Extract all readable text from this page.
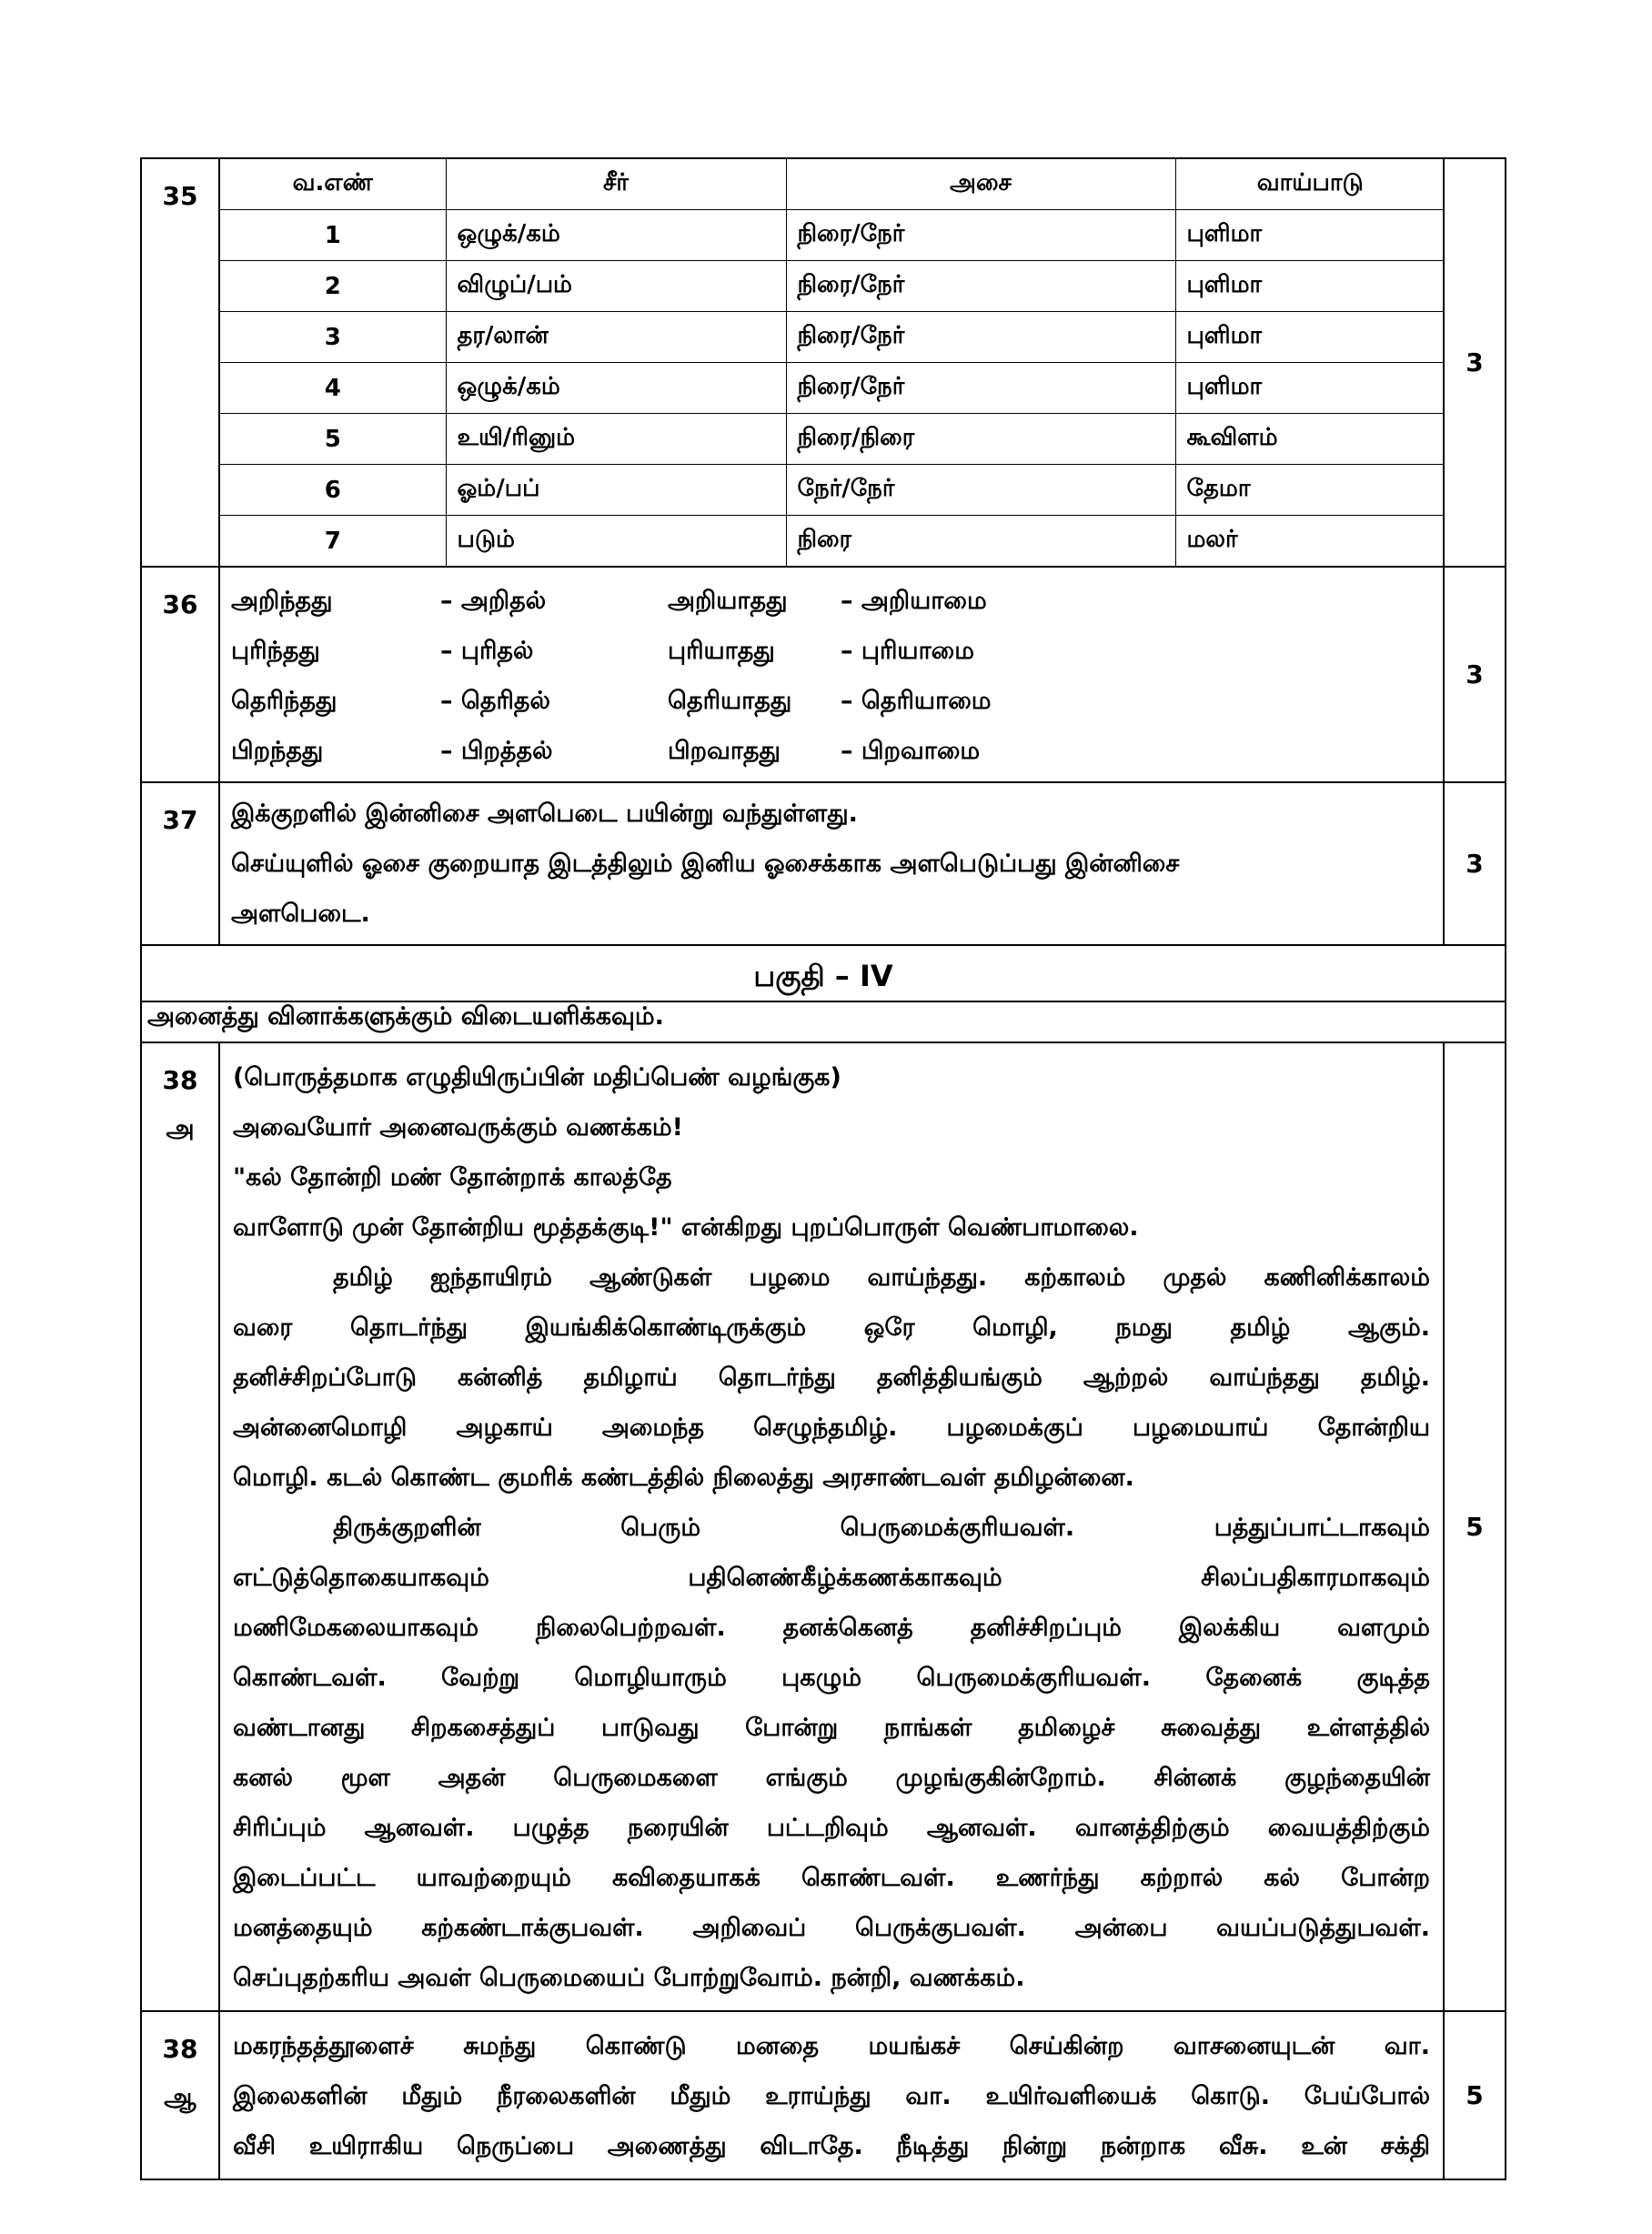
35		வ.எண்	சீர்	அசை	வாய்பாடு
1	ஒழுக்/கம்	நிரை/நேர்	புளிமா
2	விழுப்/பம்	நிரை/நேர்	புளிமா
3	தர/லான்	நிரை/நேர்	புளிமா
4	ஒழுக்/கம்	நிரை/நேர்	புளிமா
5	உயி/ரினும்	நிரை/நிரை	கூவிளம்
6	ஓம்/பப்	நேர்/நேர்	தேமா
7	படும்	நிரை	மலர்
	3
36	அறிந்தது	– அறிதல்	அறியாதது	– அறியாமை
புரிந்தது	– புரிதல்	புரியாதது	– புரியாமை
தெரிந்தது	– தெரிதல்	தெரியாதது	– தெரியாமை
பிறந்தது	– பிறத்தல்	பிறவாதது	– பிறவாமை
	3
37	இக்குறளில் இன்னிசை அளபெடை பயின்று வந்துள்ளது.

செய்யுளில் ஓசை குறையாத இடத்திலும் இனிய ஓசைக்காக அளபெடுப்பது இன்னிசை

அளபெடை.

	3
பகுதி – IV
அனைத்து வினாக்களுக்கும் விடையளிக்கவும்.

38
அ

(பொருத்தமாக எழுதியிருப்பின் மதிப்பெண் வழங்குக)

அவையோர் அனைவருக்கும் வணக்கம்!

"கல் தோன்றி மண் தோன்றாக் காலத்தே

வாளோடு முன் தோன்றிய மூத்தக்குடி!" என்கிறது புறப்பொருள் வெண்பாமாலை.

தமிழ் ஐந்தாயிரம் ஆண்டுகள் பழமை வாய்ந்தது. கற்காலம் முதல் கணினிக்காலம்

வரை தொடர்ந்து இயங்கிக்கொண்டிருக்கும் ஒரே மொழி, நமது தமிழ் ஆகும்.

தனிச்சிறப்போடு கன்னித் தமிழாய் தொடர்ந்து தனித்தியங்கும் ஆற்றல் வாய்ந்தது தமிழ்.

அன்னைமொழி அழகாய் அமைந்த செழுந்தமிழ். பழமைக்குப் பழமையாய் தோன்றிய

மொழி. கடல் கொண்ட குமரிக் கண்டத்தில் நிலைத்து அரசாண்டவள் தமிழன்னை.

திருக்குறளின் பெரும் பெருமைக்குரியவள். பத்துப்பாட்டாகவும்

எட்டுத்தொகையாகவும் பதினெண்கீழ்க்கணக்காகவும் சிலப்பதிகாரமாகவும்

மணிமேகலையாகவும் நிலைபெற்றவள். தனக்கெனத் தனிச்சிறப்பும் இலக்கிய வளமும்

கொண்டவள். வேற்று மொழியாரும் புகழும் பெருமைக்குரியவள். தேனைக் குடித்த

வண்டானது சிறகசைத்துப் பாடுவது போன்று நாங்கள் தமிழைச் சுவைத்து உள்ளத்தில்

கனல் மூள அதன் பெருமைகளை எங்கும் முழங்குகின்றோம். சின்னக் குழந்தையின்

சிரிப்பும் ஆனவள். பழுத்த நரையின் பட்டறிவும் ஆனவள். வானத்திற்கும் வையத்திற்கும்

இடைப்பட்ட யாவற்றையும் கவிதையாகக் கொண்டவள். உணர்ந்து கற்றால் கல் போன்ற

மனத்தையும் கற்கண்டாக்குபவள். அறிவைப் பெருக்குபவள். அன்பை வயப்படுத்துபவள்.

செப்புதற்கரிய அவள் பெருமையைப் போற்றுவோம். நன்றி, வணக்கம்.

	5

38
ஆ

மகரந்தத்தூளைச் சுமந்து கொண்டு மனதை மயங்கச் செய்கின்ற வாசனையுடன் வா.

இலைகளின் மீதும் நீரலைகளின் மீதும் உராய்ந்து வா. உயிர்வளியைக் கொடு. பேய்போல்

வீசி உயிராகிய நெருப்பை அணைத்து விடாதே. நீடித்து நின்று நன்றாக வீசு. உன் சக்தி

	5
